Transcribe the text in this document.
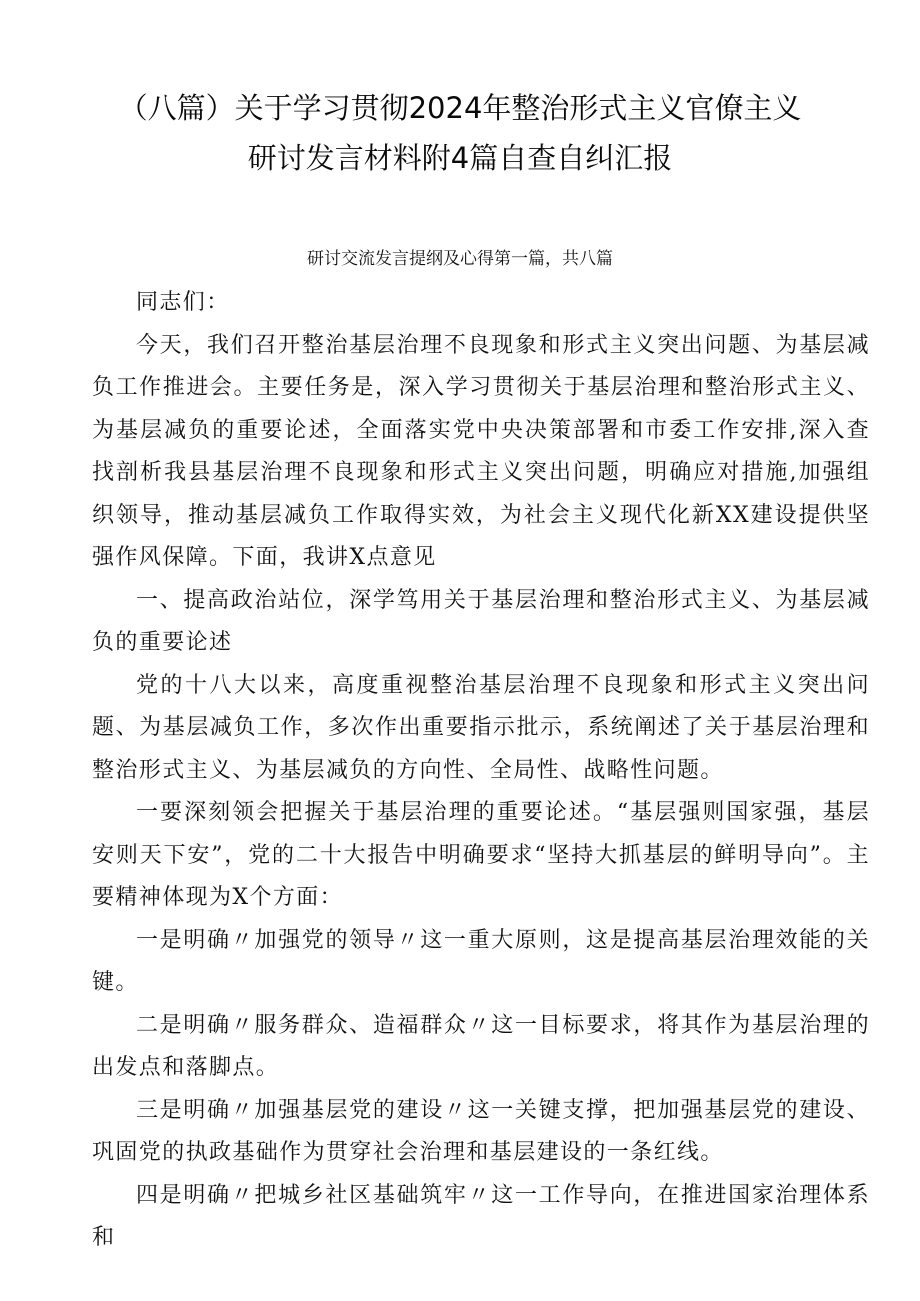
（八篇）关于学习贯彻2024年整治形式主义官僚主义
研讨发言材料附4篇自查自纠汇报
研讨交流发言提纲及心得第一篇，共八篇

同志们：

今天，我们召开整治基层治理不良现象和形式主义突出问题、为基层减负工作推进会。主要任务是，深入学习贯彻关于基层治理和整治形式主义、为基层减负的重要论述，全面落实党中央决策部署和市委工作安排,深入查找剖析我县基层治理不良现象和形式主义突出问题，明确应对措施,加强组织领导，推动基层减负工作取得实效，为社会主义现代化新XX建设提供坚强作风保障。下面，我讲X点意见

一、提高政治站位，深学笃用关于基层治理和整治形式主义、为基层减负的重要论述

党的十八大以来，高度重视整治基层治理不良现象和形式主义突出问题、为基层减负工作，多次作出重要指示批示，系统阐述了关于基层治理和整治形式主义、为基层减负的方向性、全局性、战略性问题。

一要深刻领会把握关于基层治理的重要论述。“基层强则国家强，基层安则天下安”，党的二十大报告中明确要求“坚持大抓基层的鲜明导向”。主要精神体现为X个方面：

一是明确〃加强党的领导〃这一重大原则，这是提高基层治理效能的关键。

二是明确〃服务群众、造福群众〃这一目标要求，将其作为基层治理的出发点和落脚点。

三是明确〃加强基层党的建设〃这一关键支撑，把加强基层党的建设、巩固党的执政基础作为贯穿社会治理和基层建设的一条红线。

四是明确〃把城乡社区基础筑牢〃这一工作导向，在推进国家治理体系和
